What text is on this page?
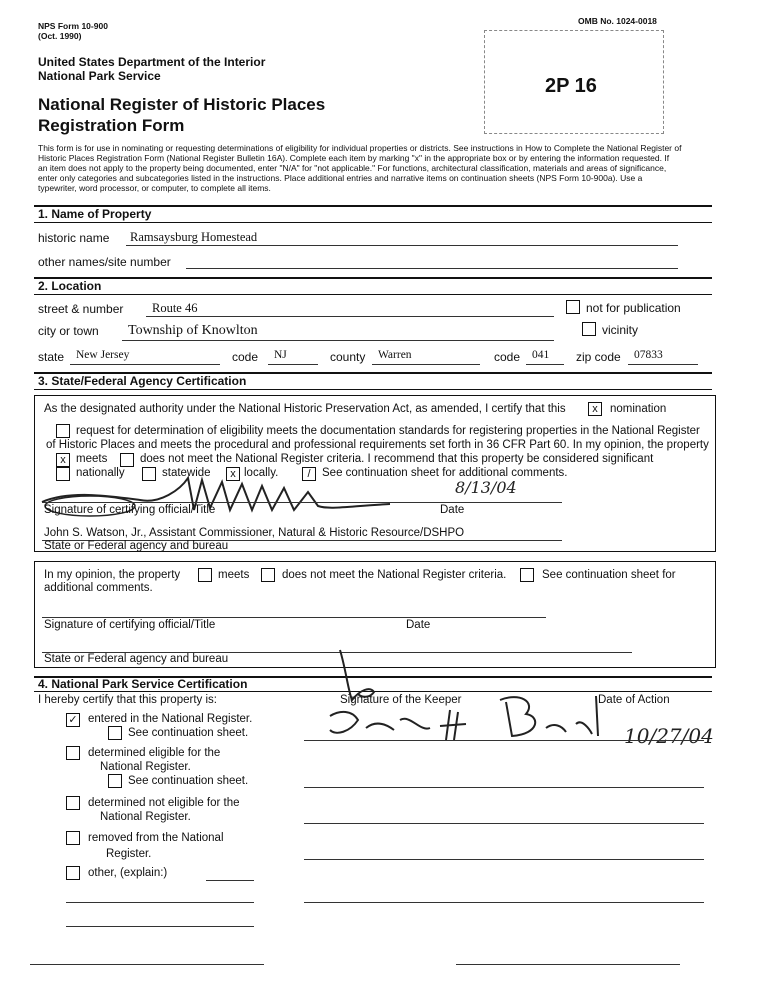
NPS Form 10-900
(Oct. 1990)
OMB No. 1024-0018
United States Department of the Interior
National Park Service	2P 16
National Register of Historic Places
Registration Form
This form is for use in nominating or requesting determinations of eligibility for individual properties or districts. See instructions in How to Complete the National Register of
Historic Places Registration Form (National Register Bulletin 16A). Complete each item by marking "x" in the appropriate box or by entering the information requested. If
an item does not apply to the property being documented, enter "N/A" for "not applicable." For functions, architectural classification, materials and areas of significance,
enter only categories and subcategories listed in the instructions. Place additional entries and narrative items on continuation sheets (NPS Form 10-900a). Use a
typewriter, word processor, or computer, to complete all items.
1. Name of Property
historic name Ramsaysburg Homestead
other names/site number
2. Location
street & number Route 46	not for publication
city or town Township of Knowlton	vicinity
state New Jersey	code NJ	county Warren	code 041 zip code 07833
3. State/Federal Agency Certification
As the designated authority under the National Historic Preservation Act, as amended, I certify that this	x	nomination
request for determination of eligibility meets the documentation standards for registering properties in the National Register
of Historic Places and meets the procedural and professional requirements set forth in 36 CFR Part 60. In my opinion, the property
x meets	does not meet the National Register criteria. I recommend that this property be considered significant
nationally	statewide	x locally.	/ See continuation sheet for additional comments.
8/13/04
Signature of certifying official/Title	Date
John S. Watson, Jr., Assistant Commissioner, Natural & Historic Resource/DSHPO
State or Federal agency and bureau
In my opinion, the property	meets	does not meet the National Register criteria.	See continuation sheet for
additional comments.
Signature of certifying official/Title	Date
State or Federal agency and bureau
4. National Park Service Certification
I hereby certify that this property is:	Signature of the Keeper	Date of Action
10/27/04
✓ entered in the National Register.
See continuation sheet.
determined eligible for the
National Register.
See continuation sheet.
determined not eligible for the
National Register.
removed from the National
Register.
other, (explain:)
